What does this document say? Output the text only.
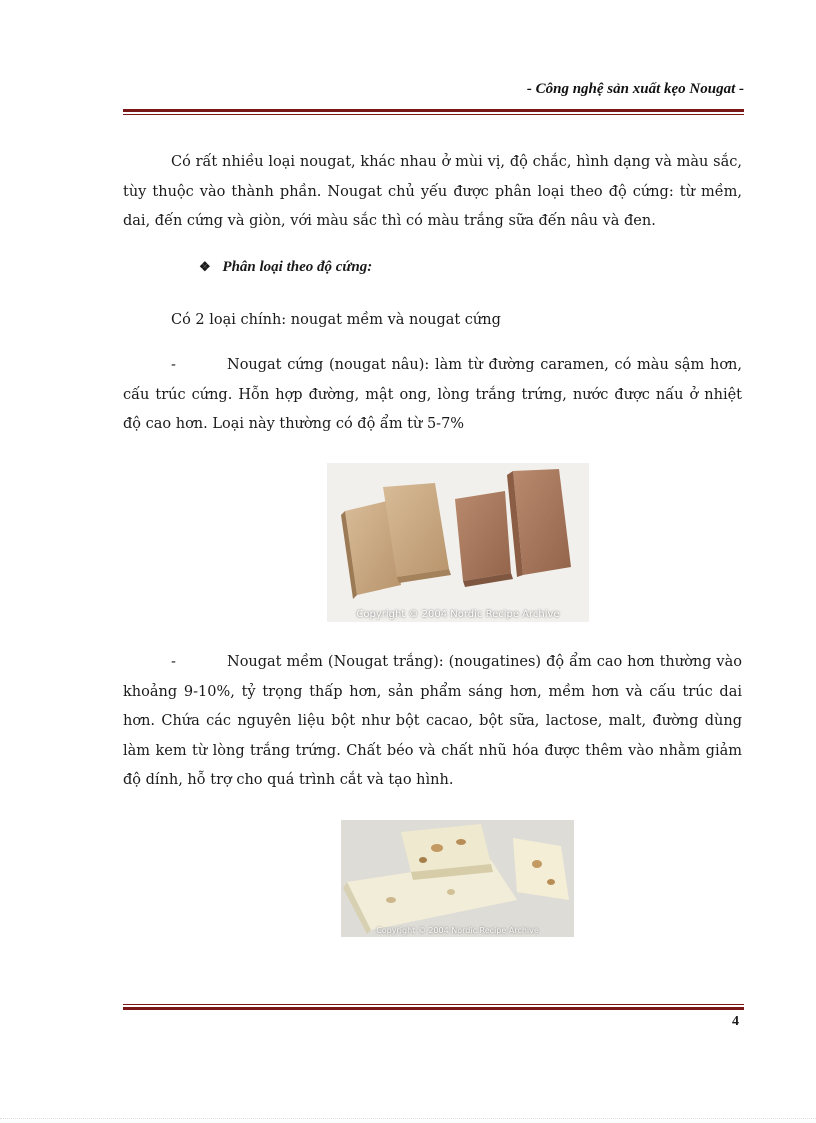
- Công nghệ sản xuất kẹo Nougat -
Có rất nhiều loại nougat, khác nhau ở mùi vị, độ chắc, hình dạng và màu sắc, tùy thuộc vào thành phần. Nougat chủ yếu được phân loại theo độ cứng: từ mềm, dai, đến cứng và giòn, với màu sắc thì có màu trắng sữa đến nâu và đen.
❖ Phân loại theo độ cứng:
Có 2 loại chính: nougat mềm và nougat cứng
-	Nougat cứng (nougat nâu): làm từ đường caramen, có màu sậm hơn, cấu trúc cứng. Hỗn hợp đường, mật ong, lòng trắng trứng, nước được nấu ở nhiệt độ cao hơn. Loại này thường có độ ẩm từ 5-7%
Copyright © 2004 Nordic Recipe Archive
-	Nougat mềm (Nougat trắng): (nougatines) độ ẩm cao hơn thường vào khoảng 9-10%, tỷ trọng thấp hơn, sản phẩm sáng hơn, mềm hơn và cấu trúc dai hơn. Chứa các nguyên liệu bột như bột cacao, bột sữa, lactose, malt, đường dùng làm kem từ lòng trắng trứng. Chất béo và chất nhũ hóa được thêm vào nhằm giảm độ dính, hỗ trợ cho quá trình cắt và tạo hình.
Copyright © 2004 Nordic Recipe Archive
4
